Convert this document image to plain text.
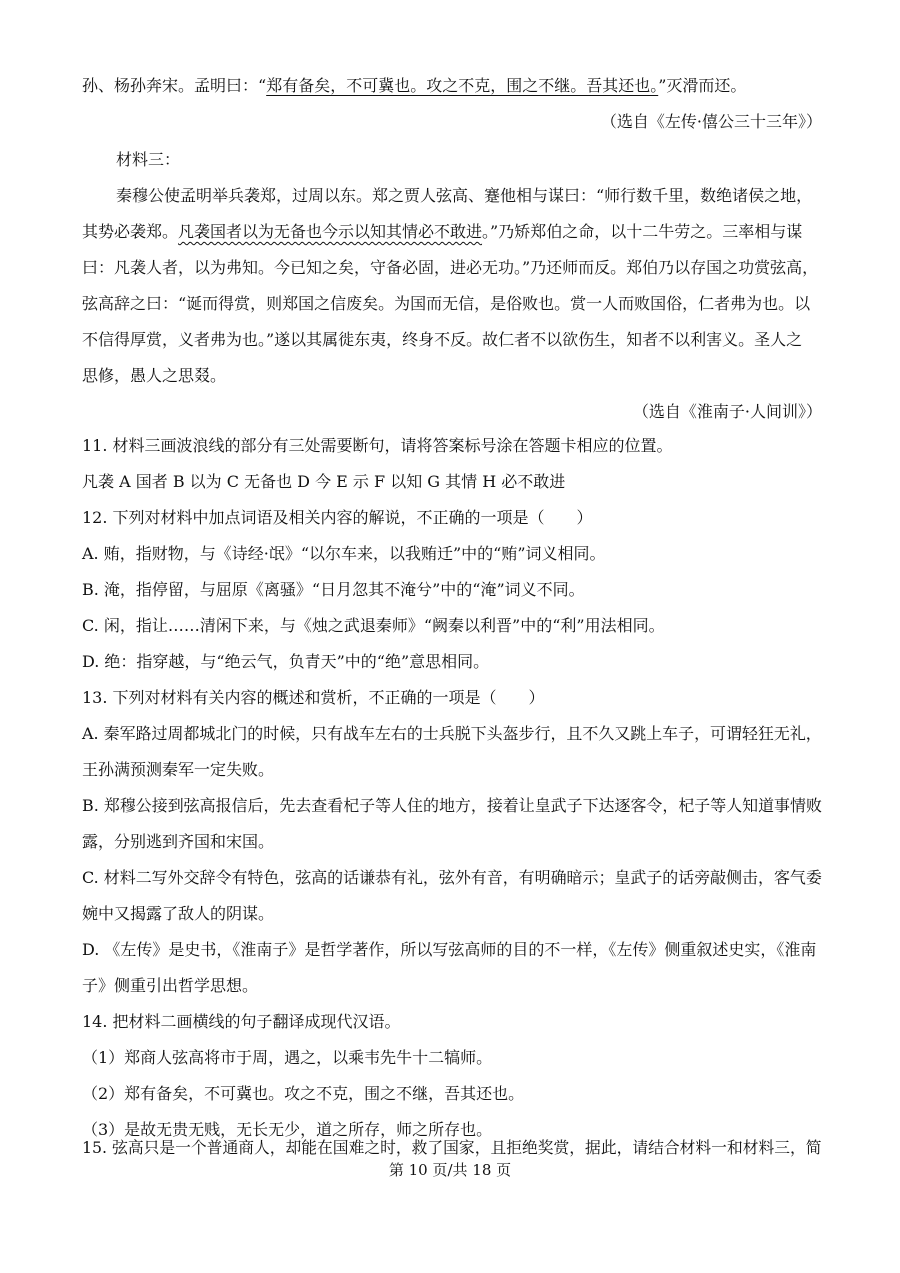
孙、杨孙奔宋。孟明曰：“郑有备矣，不可冀也。攻之不克，围之不继。吾其还也。”灭滑而还。
（选自《左传·僖公三十三年》）
材料三：
秦穆公使孟明举兵袭郑，过周以东。郑之贾人弦高、蹇他相与谋曰：“师行数千里，数绝诸侯之地，
其势必袭郑。凡袭国者以为无备也今示以知其情必不敢进。”乃矫郑伯之命，以十二牛劳之。三率相与谋
曰：凡袭人者，以为弗知。今已知之矣，守备必固，进必无功。”乃还师而反。郑伯乃以存国之功赏弦高，
弦高辞之曰：“诞而得赏，则郑国之信废矣。为国而无信，是俗败也。赏一人而败国俗，仁者弗为也。以
不信得厚赏，义者弗为也。”遂以其属徙东夷，终身不反。故仁者不以欲伤生，知者不以利害义。圣人之
思修，愚人之思叕。
（选自《淮南子·人间训》）
11. 材料三画波浪线的部分有三处需要断句，请将答案标号涂在答题卡相应的位置。
凡袭 A 国者 B 以为 C 无备也 D 今 E 示 F 以知 G 其情 H 必不敢进
12. 下列对材料中加点词语及相关内容的解说，不正确的一项是（　　）
A. 贿，指财物，与《诗经·氓》“以尔车来，以我贿迁”中的“贿”词义相同。
B. 淹，指停留，与屈原《离骚》“日月忽其不淹兮”中的“淹”词义不同。
C. 闲，指让……清闲下来，与《烛之武退秦师》“阙秦以利晋”中的“利”用法相同。
D. 绝：指穿越，与“绝云气，负青天”中的“绝”意思相同。
13. 下列对材料有关内容的概述和赏析，不正确的一项是（　　）
A. 秦军路过周都城北门的时候，只有战车左右的士兵脱下头盔步行，且不久又跳上车子，可谓轻狂无礼，
王孙满预测秦军一定失败。
B. 郑穆公接到弦高报信后，先去查看杞子等人住的地方，接着让皇武子下达逐客令，杞子等人知道事情败
露，分别逃到齐国和宋国。
C. 材料二写外交辞令有特色，弦高的话谦恭有礼，弦外有音，有明确暗示；皇武子的话旁敲侧击，客气委
婉中又揭露了敌人的阴谋。
D. 《左传》是史书，《淮南子》是哲学著作，所以写弦高师的目的不一样，《左传》侧重叙述史实，《淮南
子》侧重引出哲学思想。
14. 把材料二画横线的句子翻译成现代汉语。
（1）郑商人弦高将市于周，遇之，以乘韦先牛十二犒师。
（2）郑有备矣，不可冀也。攻之不克，围之不继，吾其还也。
（3）是故无贵无贱，无长无少，道之所存，师之所存也。
15. 弦高只是一个普通商人，却能在国难之时，救了国家，且拒绝奖赏，据此，请结合材料一和材料三，简
第 10 页/共 18 页
